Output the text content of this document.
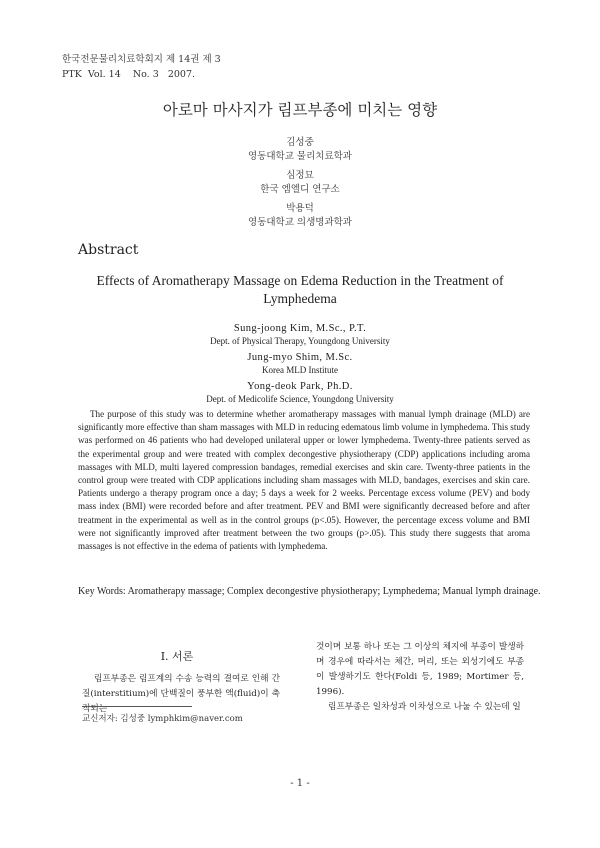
한국전문물리치료학회지 제 14권 제 3
PTK  Vol. 14    No. 3   2007.
아로마 마사지가 림프부종에 미치는 영향
김성중
영동대학교 물리치료학과
심정묘
한국 엠엘디 연구소
박용덕
영동대학교 의생명과학과
Abstract
Effects of Aromatherapy Massage on Edema Reduction in the Treatment of Lymphedema
Sung-joong Kim, M.Sc., P.T.
Dept. of Physical Therapy, Youngdong University
Jung-myo Shim, M.Sc.
Korea MLD Institute
Yong-deok Park, Ph.D.
Dept. of Medicolife Science, Youngdong University
The purpose of this study was to determine whether aromatherapy massages with manual lymph drainage (MLD) are significantly more effective than sham massages with MLD in reducing edematous limb volume in lymphedema. This study was performed on 46 patients who had developed unilateral upper or lower lymphedema. Twenty-three patients served as the experimental group and were treated with complex decongestive physiotherapy (CDP) applications including aroma massages with MLD, multi layered compression bandages, remedial exercises and skin care. Twenty-three patients in the control group were treated with CDP applications including sham massages with MLD, bandages, exercises and skin care. Patients undergo a therapy program once a day; 5 days a week for 2 weeks. Percentage excess volume (PEV) and body mass index (BMI) were recorded before and after treatment. PEV and BMI were significantly decreased before and after treatment in the experimental as well as in the control groups (p<.05). However, the percentage excess volume and BMI were not significantly improved after treatment between the two groups (p>.05). This study there suggests that aroma massages is not effective in the edema of patients with lymphedema.
Key Words: Aromatherapy massage; Complex decongestive physiotherapy; Lymphedema; Manual lymph drainage.
Ⅰ. 서론
림프부종은 림프계의 수송 능력의 결여로 인해 간질(interstitium)에 단백질이 풍부한 액(fluid)이 축적되는
것이며 보통 하나 또는 그 이상의 체지에 부종이 발생하며 경우에 따라서는 체간, 머리, 또는 외성기에도 부종이 발생하기도 한다(Foldi 등, 1989; Mortimer 등, 1996).
림프부종은 일차성과 이차성으로 나눌 수 있는데 일
교신저자: 김성중 lymphkim@naver.com
- 1 -
